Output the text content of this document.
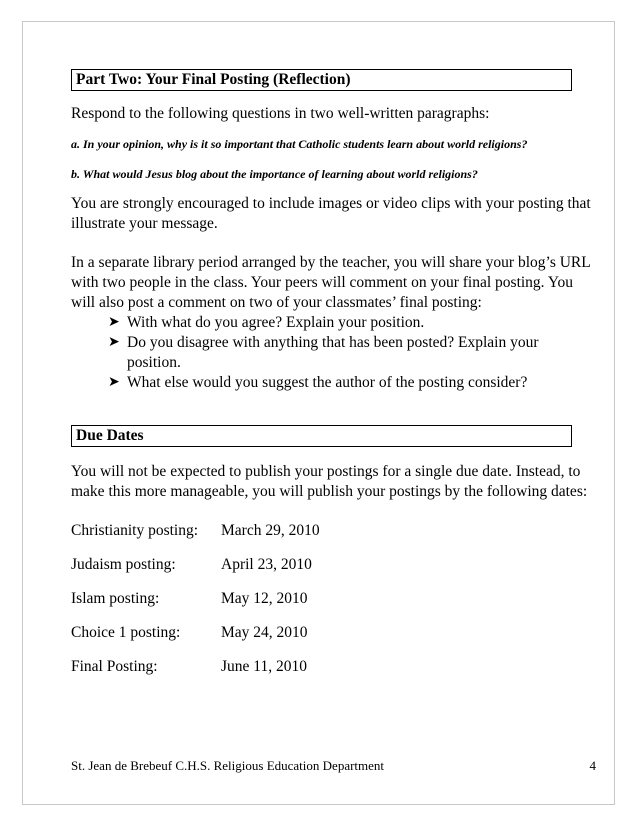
Part Two: Your Final Posting (Reflection)

Respond to the following questions in two well-written paragraphs:

a. In your opinion, why is it so important that Catholic students learn about world religions?

b. What would Jesus blog about the importance of learning about world religions?

You are strongly encouraged to include images or video clips with your posting that
illustrate your message.

In a separate library period arranged by the teacher, you will share your blog’s URL
with two people in the class. Your peers will comment on your final posting. You
will also post a comment on two of your classmates’ final posting:

➤ With what do you agree? Explain your position.
➤ Do you disagree with anything that has been posted? Explain your
position.
➤ What else would you suggest the author of the posting consider?
Due Dates

You will not be expected to publish your postings for a single due date. Instead, to
make this more manageable, you will publish your postings by the following dates:

Christianity posting:	March 29, 2010
Judaism posting:	April 23, 2010
Islam posting:	May 12, 2010
Choice 1 posting:	May 24, 2010
Final Posting:	June 11, 2010
St. Jean de Brebeuf C.H.S. Religious Education Department	4
